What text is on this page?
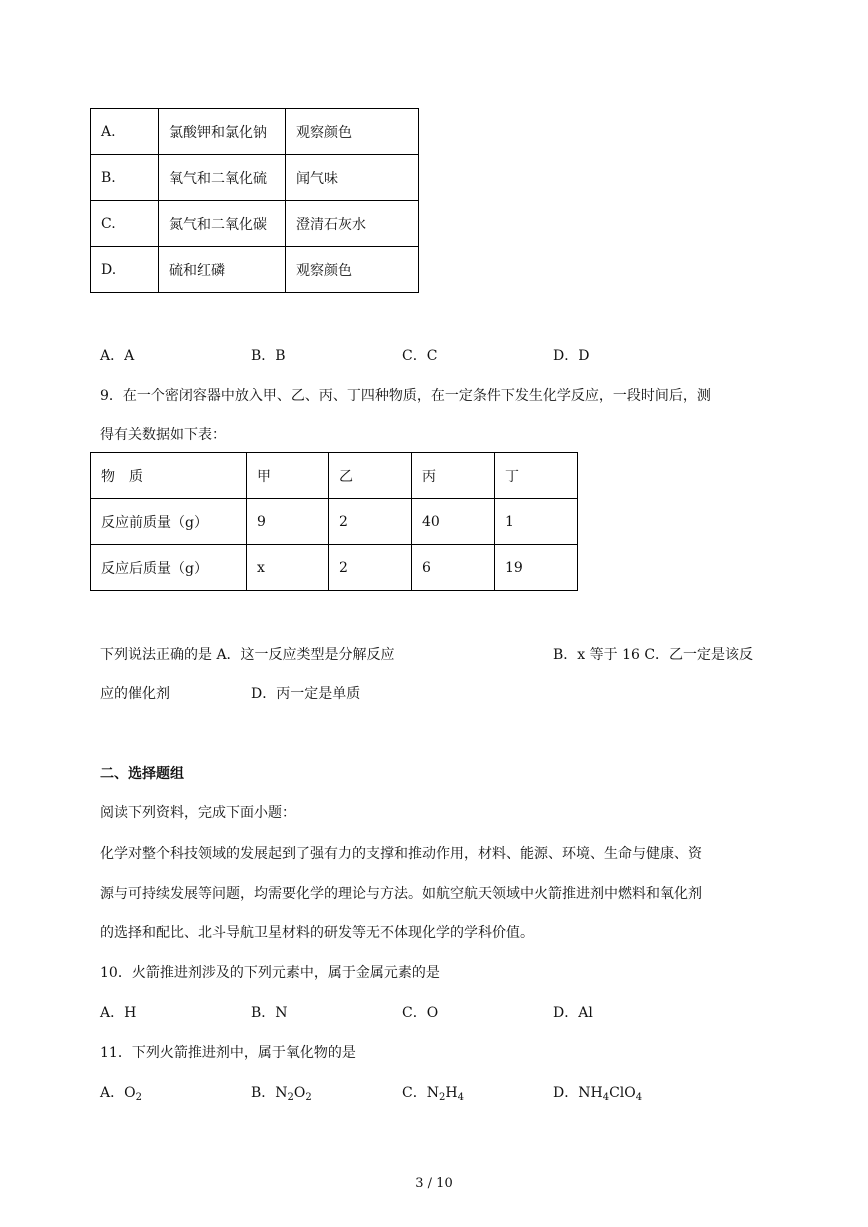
A.	氯酸钾和氯化钠	观察颜色
B.	氧气和二氧化硫	闻气味
C.	氮气和二氧化碳	澄清石灰水
D.	硫和红磷	观察颜色
A．A	B．B	C．C	D．D
9．在一个密闭容器中放入甲、乙、丙、丁四种物质，在一定条件下发生化学反应，一段时间后，测
得有关数据如下表：
物　质	甲	乙	丙	丁
反应前质量（g）	9	2	40	1
反应后质量（g）	x	2	6	19
下列说法正确的是 A．这一反应类型是分解反应	B．x 等于 16 C．乙一定是该反
应的催化剂	D．丙一定是单质
二、选择题组
阅读下列资料，完成下面小题：
化学对整个科技领域的发展起到了强有力的支撑和推动作用，材料、能源、环境、生命与健康、资
源与可持续发展等问题，均需要化学的理论与方法。如航空航天领域中火箭推进剂中燃料和氧化剂
的选择和配比、北斗导航卫星材料的研发等无不体现化学的学科价值。
10．火箭推进剂涉及的下列元素中，属于金属元素的是
A．H	B．N	C．O	D．Al
11．下列火箭推进剂中，属于氧化物的是
A．$O_2$	B．$N_2O_2$	C．$N_2H_4$	D．$NH_4ClO_4$
3 / 10
